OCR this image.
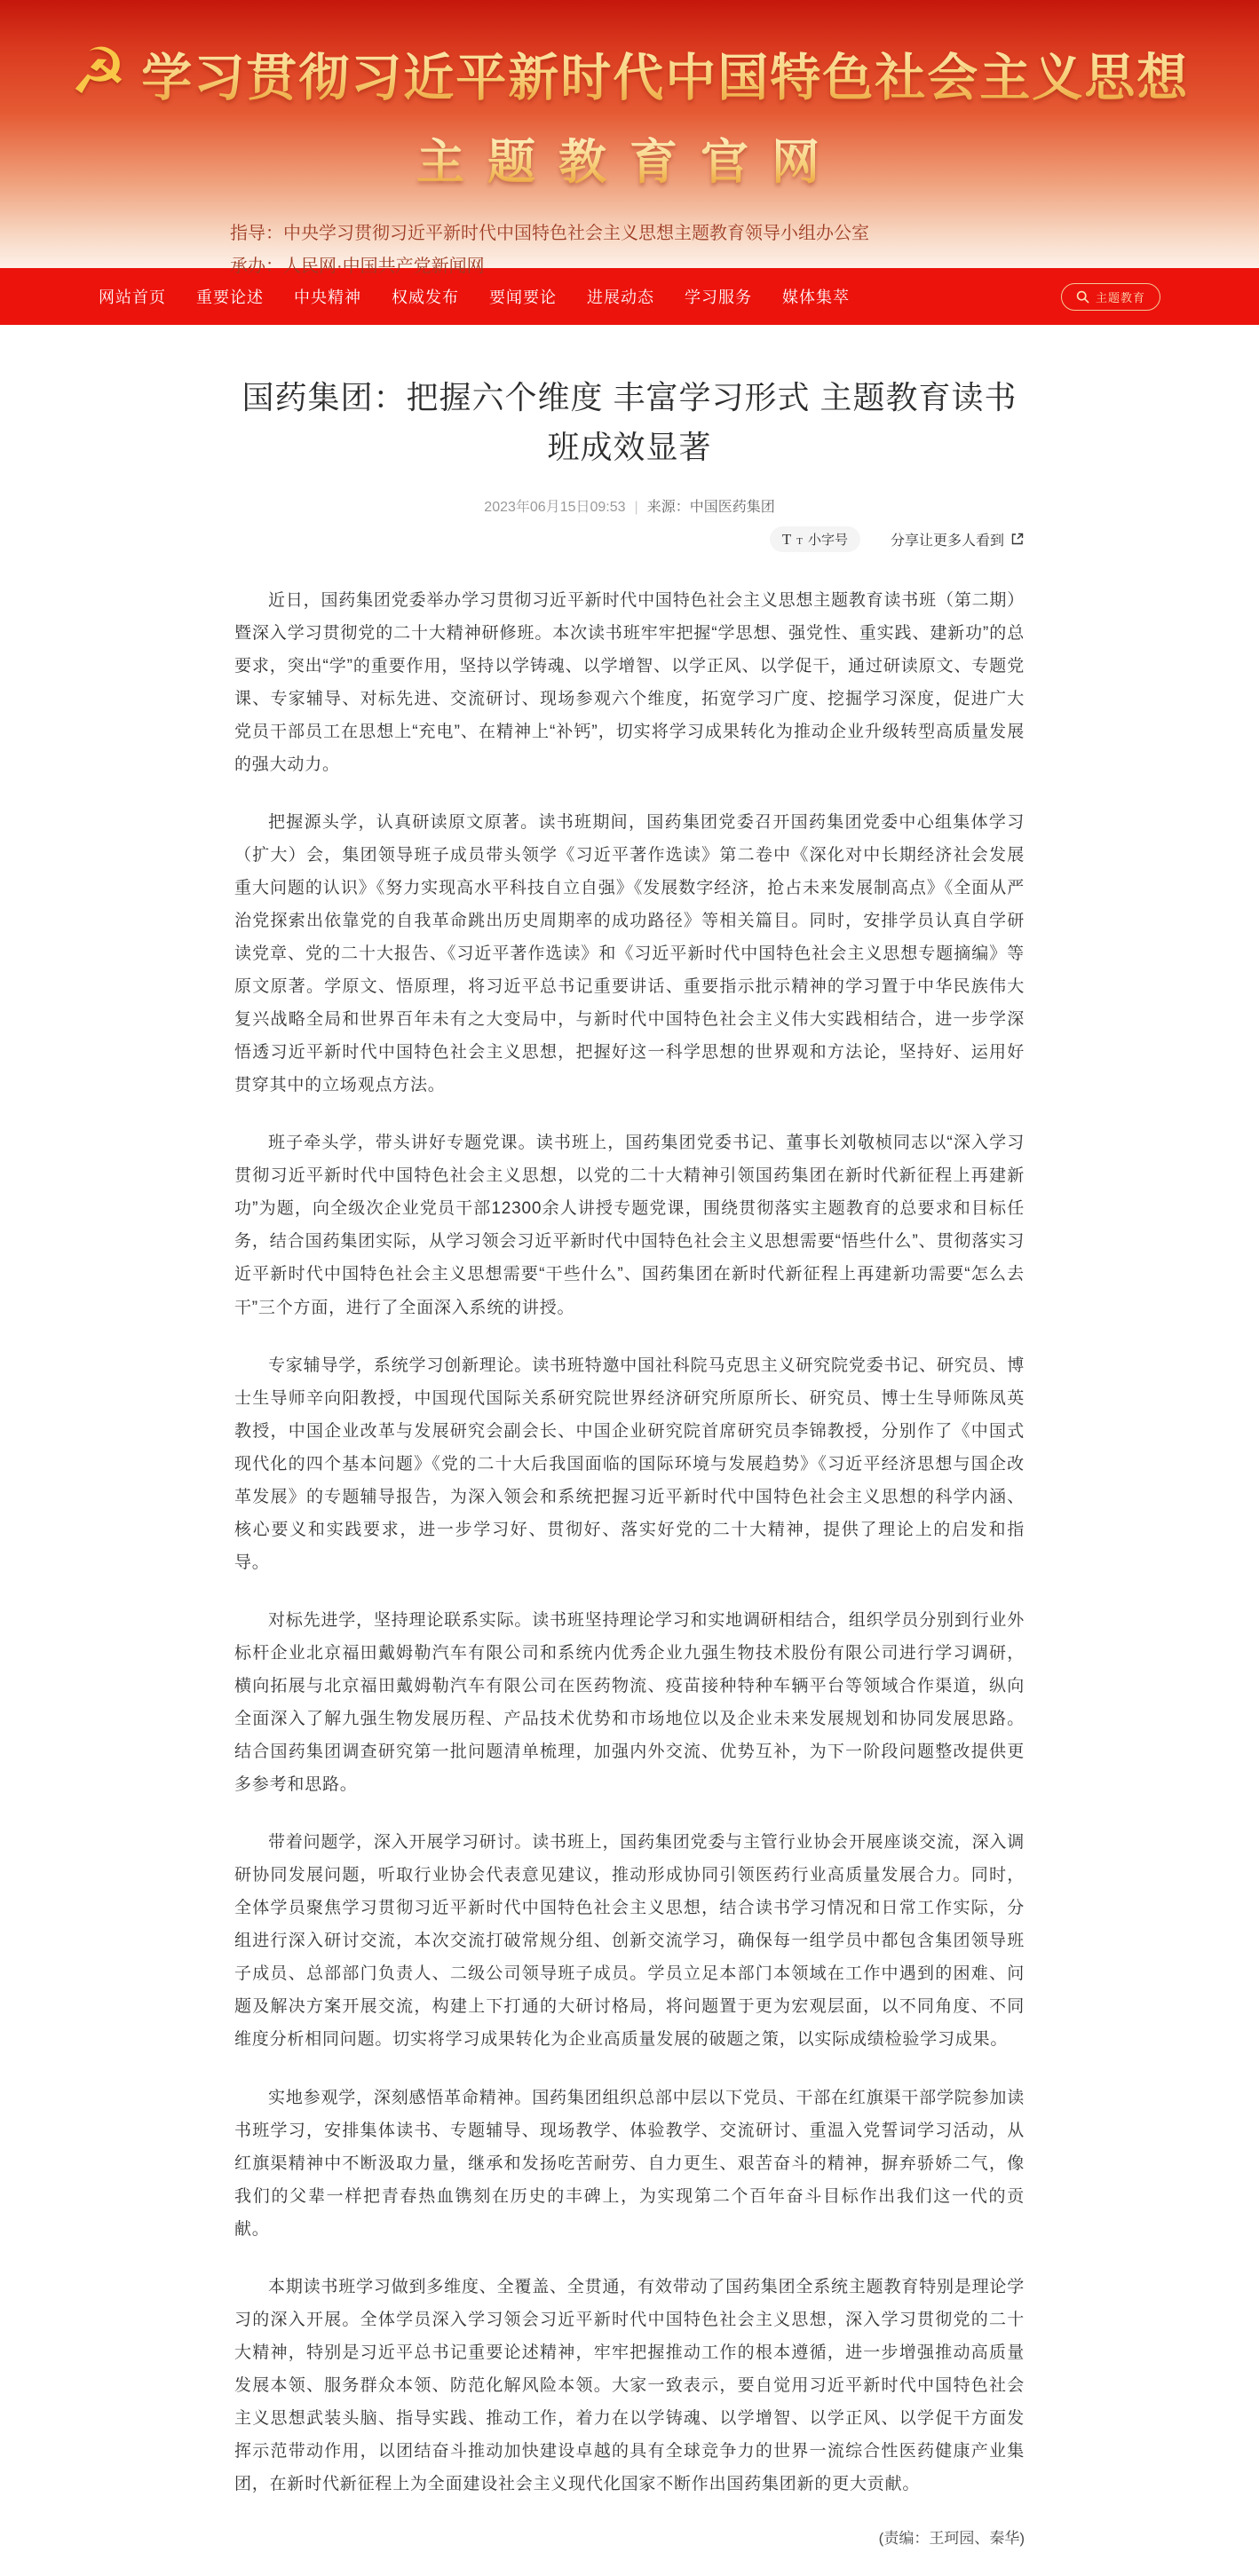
☭ 学习贯彻习近平新时代中国特色社会主义思想
主题教育官网
指导：中央学习贯彻习近平新时代中国特色社会主义思想主题教育领导小组办公室
承办：人民网·中国共产党新闻网
网站首页 重要论述 中央精神 权威发布 要闻要论 进展动态 学习服务 媒体集萃	主题教育
国药集团：把握六个维度 丰富学习形式 主题教育读书班成效显著
2023年06月15日09:53 | 来源：中国医药集团
T T 小字号	分享让更多人看到

近日，国药集团党委举办学习贯彻习近平新时代中国特色社会主义思想主题教育读书班（第二期）暨深入学习贯彻党的二十大精神研修班。本次读书班牢牢把握“学思想、强党性、重实践、建新功”的总要求，突出“学”的重要作用，坚持以学铸魂、以学增智、以学正风、以学促干，通过研读原文、专题党课、专家辅导、对标先进、交流研讨、现场参观六个维度，拓宽学习广度、挖掘学习深度，促进广大党员干部员工在思想上“充电”、在精神上“补钙”，切实将学习成果转化为推动企业升级转型高质量发展的强大动力。

把握源头学，认真研读原文原著。读书班期间，国药集团党委召开国药集团党委中心组集体学习（扩大）会，集团领导班子成员带头领学《习近平著作选读》第二卷中《深化对中长期经济社会发展重大问题的认识》《努力实现高水平科技自立自强》《发展数字经济，抢占未来发展制高点》《全面从严治党探索出依靠党的自我革命跳出历史周期率的成功路径》等相关篇目。同时，安排学员认真自学研读党章、党的二十大报告、《习近平著作选读》和《习近平新时代中国特色社会主义思想专题摘编》等原文原著。学原文、悟原理，将习近平总书记重要讲话、重要指示批示精神的学习置于中华民族伟大复兴战略全局和世界百年未有之大变局中，与新时代中国特色社会主义伟大实践相结合，进一步学深悟透习近平新时代中国特色社会主义思想，把握好这一科学思想的世界观和方法论，坚持好、运用好贯穿其中的立场观点方法。

班子牵头学，带头讲好专题党课。读书班上，国药集团党委书记、董事长刘敬桢同志以“深入学习贯彻习近平新时代中国特色社会主义思想，以党的二十大精神引领国药集团在新时代新征程上再建新功”为题，向全级次企业党员干部12300余人讲授专题党课，围绕贯彻落实主题教育的总要求和目标任务，结合国药集团实际，从学习领会习近平新时代中国特色社会主义思想需要“悟些什么”、贯彻落实习近平新时代中国特色社会主义思想需要“干些什么”、国药集团在新时代新征程上再建新功需要“怎么去干”三个方面，进行了全面深入系统的讲授。

专家辅导学，系统学习创新理论。读书班特邀中国社科院马克思主义研究院党委书记、研究员、博士生导师辛向阳教授，中国现代国际关系研究院世界经济研究所原所长、研究员、博士生导师陈凤英教授，中国企业改革与发展研究会副会长、中国企业研究院首席研究员李锦教授，分别作了《中国式现代化的四个基本问题》《党的二十大后我国面临的国际环境与发展趋势》《习近平经济思想与国企改革发展》的专题辅导报告，为深入领会和系统把握习近平新时代中国特色社会主义思想的科学内涵、核心要义和实践要求，进一步学习好、贯彻好、落实好党的二十大精神，提供了理论上的启发和指导。

对标先进学，坚持理论联系实际。读书班坚持理论学习和实地调研相结合，组织学员分别到行业外标杆企业北京福田戴姆勒汽车有限公司和系统内优秀企业九强生物技术股份有限公司进行学习调研，横向拓展与北京福田戴姆勒汽车有限公司在医药物流、疫苗接种特种车辆平台等领域合作渠道，纵向全面深入了解九强生物发展历程、产品技术优势和市场地位以及企业未来发展规划和协同发展思路。结合国药集团调查研究第一批问题清单梳理，加强内外交流、优势互补，为下一阶段问题整改提供更多参考和思路。

带着问题学，深入开展学习研讨。读书班上，国药集团党委与主管行业协会开展座谈交流，深入调研协同发展问题，听取行业协会代表意见建议，推动形成协同引领医药行业高质量发展合力。同时，全体学员聚焦学习贯彻习近平新时代中国特色社会主义思想，结合读书学习情况和日常工作实际，分组进行深入研讨交流，本次交流打破常规分组、创新交流学习，确保每一组学员中都包含集团领导班子成员、总部部门负责人、二级公司领导班子成员。学员立足本部门本领域在工作中遇到的困难、问题及解决方案开展交流，构建上下打通的大研讨格局，将问题置于更为宏观层面，以不同角度、不同维度分析相同问题。切实将学习成果转化为企业高质量发展的破题之策，以实际成绩检验学习成果。

实地参观学，深刻感悟革命精神。国药集团组织总部中层以下党员、干部在红旗渠干部学院参加读书班学习，安排集体读书、专题辅导、现场教学、体验教学、交流研讨、重温入党誓词学习活动，从红旗渠精神中不断汲取力量，继承和发扬吃苦耐劳、自力更生、艰苦奋斗的精神，摒弃骄娇二气，像我们的父辈一样把青春热血镌刻在历史的丰碑上，为实现第二个百年奋斗目标作出我们这一代的贡献。

本期读书班学习做到多维度、全覆盖、全贯通，有效带动了国药集团全系统主题教育特别是理论学习的深入开展。全体学员深入学习领会习近平新时代中国特色社会主义思想，深入学习贯彻党的二十大精神，特别是习近平总书记重要论述精神，牢牢把握推动工作的根本遵循，进一步增强推动高质量发展本领、服务群众本领、防范化解风险本领。大家一致表示，要自觉用习近平新时代中国特色社会主义思想武装头脑、指导实践、推动工作，着力在以学铸魂、以学增智、以学正风、以学促干方面发挥示范带动作用，以团结奋斗推动加快建设卓越的具有全球竞争力的世界一流综合性医药健康产业集团，在新时代新征程上为全面建设社会主义现代化国家不断作出国药集团新的更大贡献。

(责编：王珂园、秦华)
